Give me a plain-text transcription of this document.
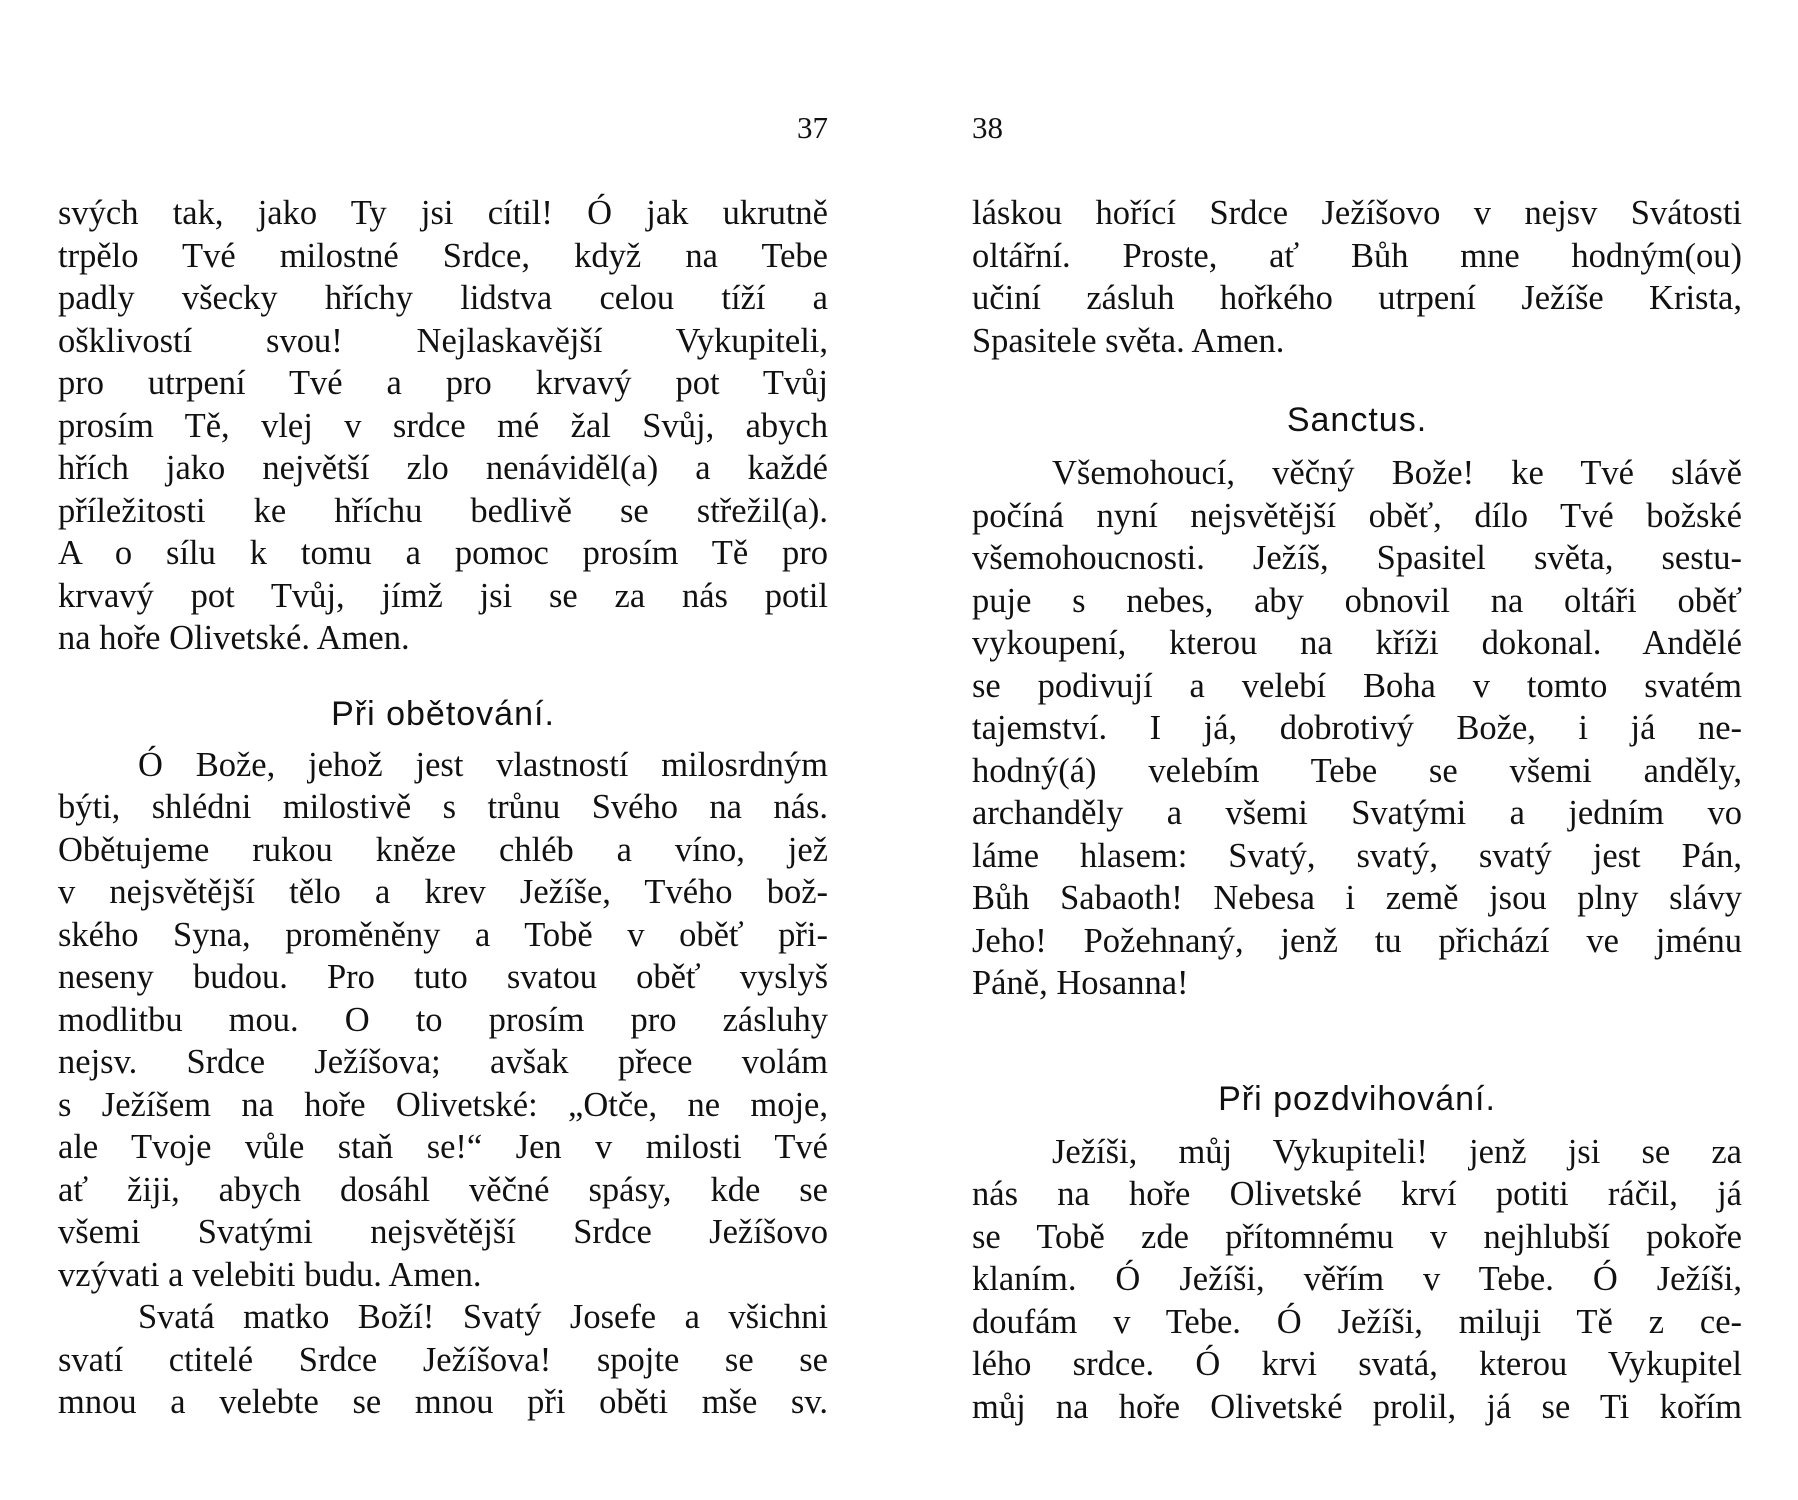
37
svých tak, jako Ty jsi cítil! Ó jak ukrutně
trpělo Tvé milostné Srdce, když na Tebe
padly všecky hříchy lidstva celou tíží a
ošklivostí svou! Nejlaskavější Vykupiteli,
pro utrpení Tvé a pro krvavý pot Tvůj
prosím Tě, vlej v srdce mé žal Svůj, abych
hřích jako největší zlo nenáviděl(a) a každé
příležitosti ke hříchu bedlivě se střežil(a).
A o sílu k tomu a pomoc prosím Tě pro
krvavý pot Tvůj, jímž jsi se za nás potil
na hoře Olivetské. Amen.
Při obětování.
Ó Bože, jehož jest vlastností milosrdným
býti, shlédni milostivě s trůnu Svého na nás.
Obětujeme rukou kněze chléb a víno, jež
v nejsvětější tělo a krev Ježíše, Tvého bož-
ského Syna, proměněny a Tobě v oběť při-
neseny budou. Pro tuto svatou oběť vyslyš
modlitbu mou. O to prosím pro zásluhy
nejsv. Srdce Ježíšova; avšak přece volám
s Ježíšem na hoře Olivetské: „Otče, ne moje,
ale Tvoje vůle staň se!“ Jen v milosti Tvé
ať žiji, abych dosáhl věčné spásy, kde se
všemi Svatými nejsvětější Srdce Ježíšovo
vzývati a velebiti budu. Amen.
Svatá matko Boží! Svatý Josefe a všichni
svatí ctitelé Srdce Ježíšova! spojte se se
mnou a velebte se mnou při oběti mše sv.
38
láskou hořící Srdce Ježíšovo v nejsv Svátosti
oltářní. Proste, ať Bůh mne hodným(ou)
učiní zásluh hořkého utrpení Ježíše Krista,
Spasitele světa. Amen.
Sanctus.
Všemohoucí, věčný Bože! ke Tvé slávě
počíná nyní nejsvětější oběť, dílo Tvé božské
všemohoucnosti. Ježíš, Spasitel světa, sestu-
puje s nebes, aby obnovil na oltáři oběť
vykoupení, kterou na kříži dokonal. Andělé
se podivují a velebí Boha v tomto svatém
tajemství. I já, dobrotivý Bože, i já ne-
hodný(á) velebím Tebe se všemi anděly,
archanděly a všemi Svatými a jedním vo
láme hlasem: Svatý, svatý, svatý jest Pán,
Bůh Sabaoth! Nebesa i země jsou plny slávy
Jeho! Požehnaný, jenž tu přichází ve jménu
Páně, Hosanna!
Při pozdvihování.
Ježíši, můj Vykupiteli! jenž jsi se za
nás na hoře Olivetské krví potiti ráčil, já
se Tobě zde přítomnému v nejhlubší pokoře
klaním. Ó Ježíši, věřím v Tebe. Ó Ježíši,
doufám v Tebe. Ó Ježíši, miluji Tě z ce-
lého srdce. Ó krvi svatá, kterou Vykupitel
můj na hoře Olivetské prolil, já se Ti kořím
